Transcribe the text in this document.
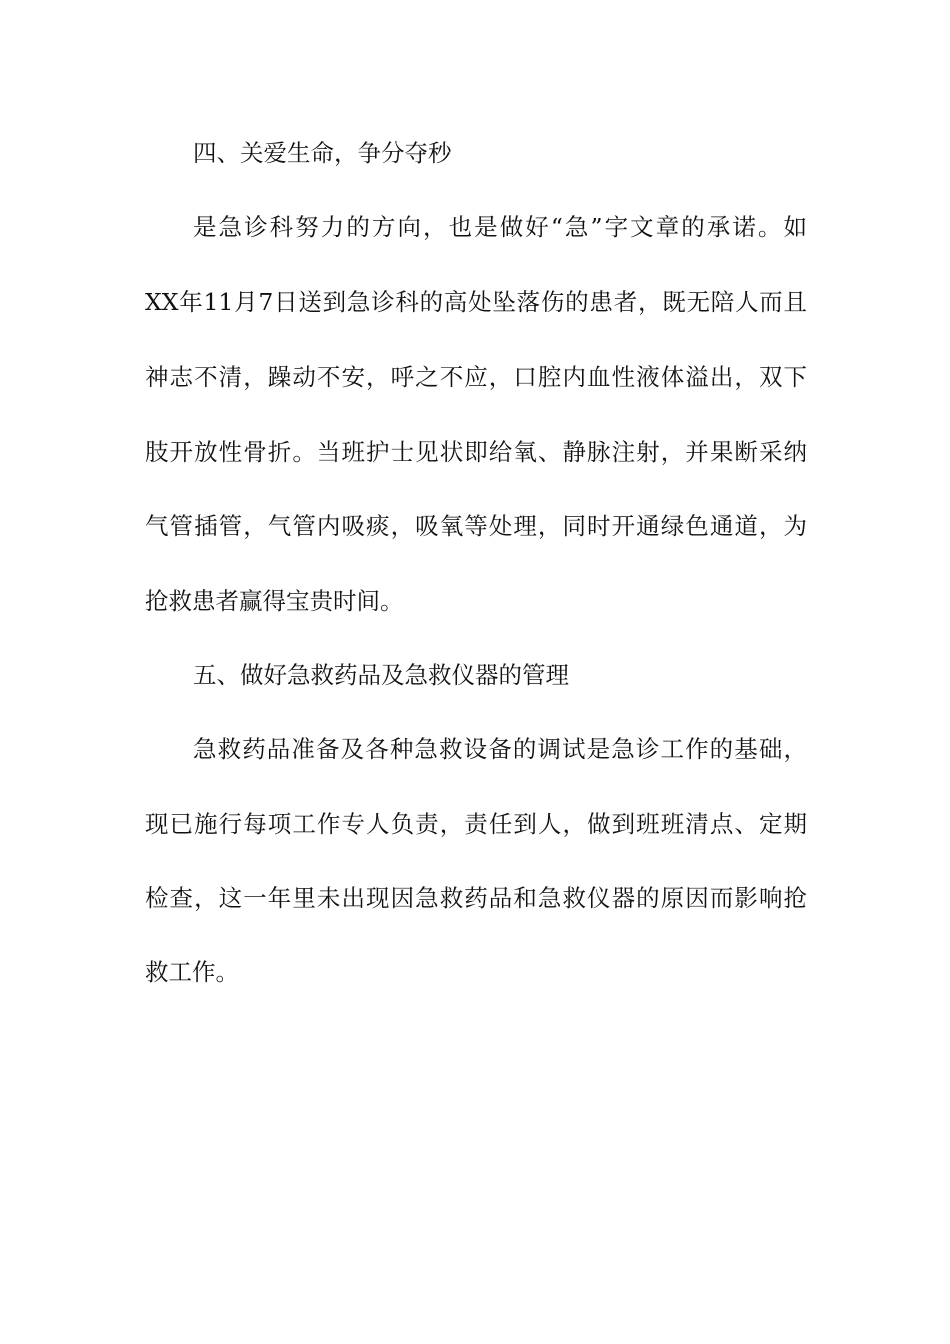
四、关爱生命，争分夺秒
是急诊科努力的方向，也是做好“急”字文章的承诺。如
XX年11月7日送到急诊科的高处坠落伤的患者，既无陪人而且
神志不清，躁动不安，呼之不应，口腔内血性液体溢出，双下
肢开放性骨折。当班护士见状即给氧、静脉注射，并果断采纳
气管插管，气管内吸痰，吸氧等处理，同时开通绿色通道，为
抢救患者赢得宝贵时间。
五、做好急救药品及急救仪器的管理
急救药品准备及各种急救设备的调试是急诊工作的基础，
现已施行每项工作专人负责，责任到人，做到班班清点、定期
检查，这一年里未出现因急救药品和急救仪器的原因而影响抢
救工作。
